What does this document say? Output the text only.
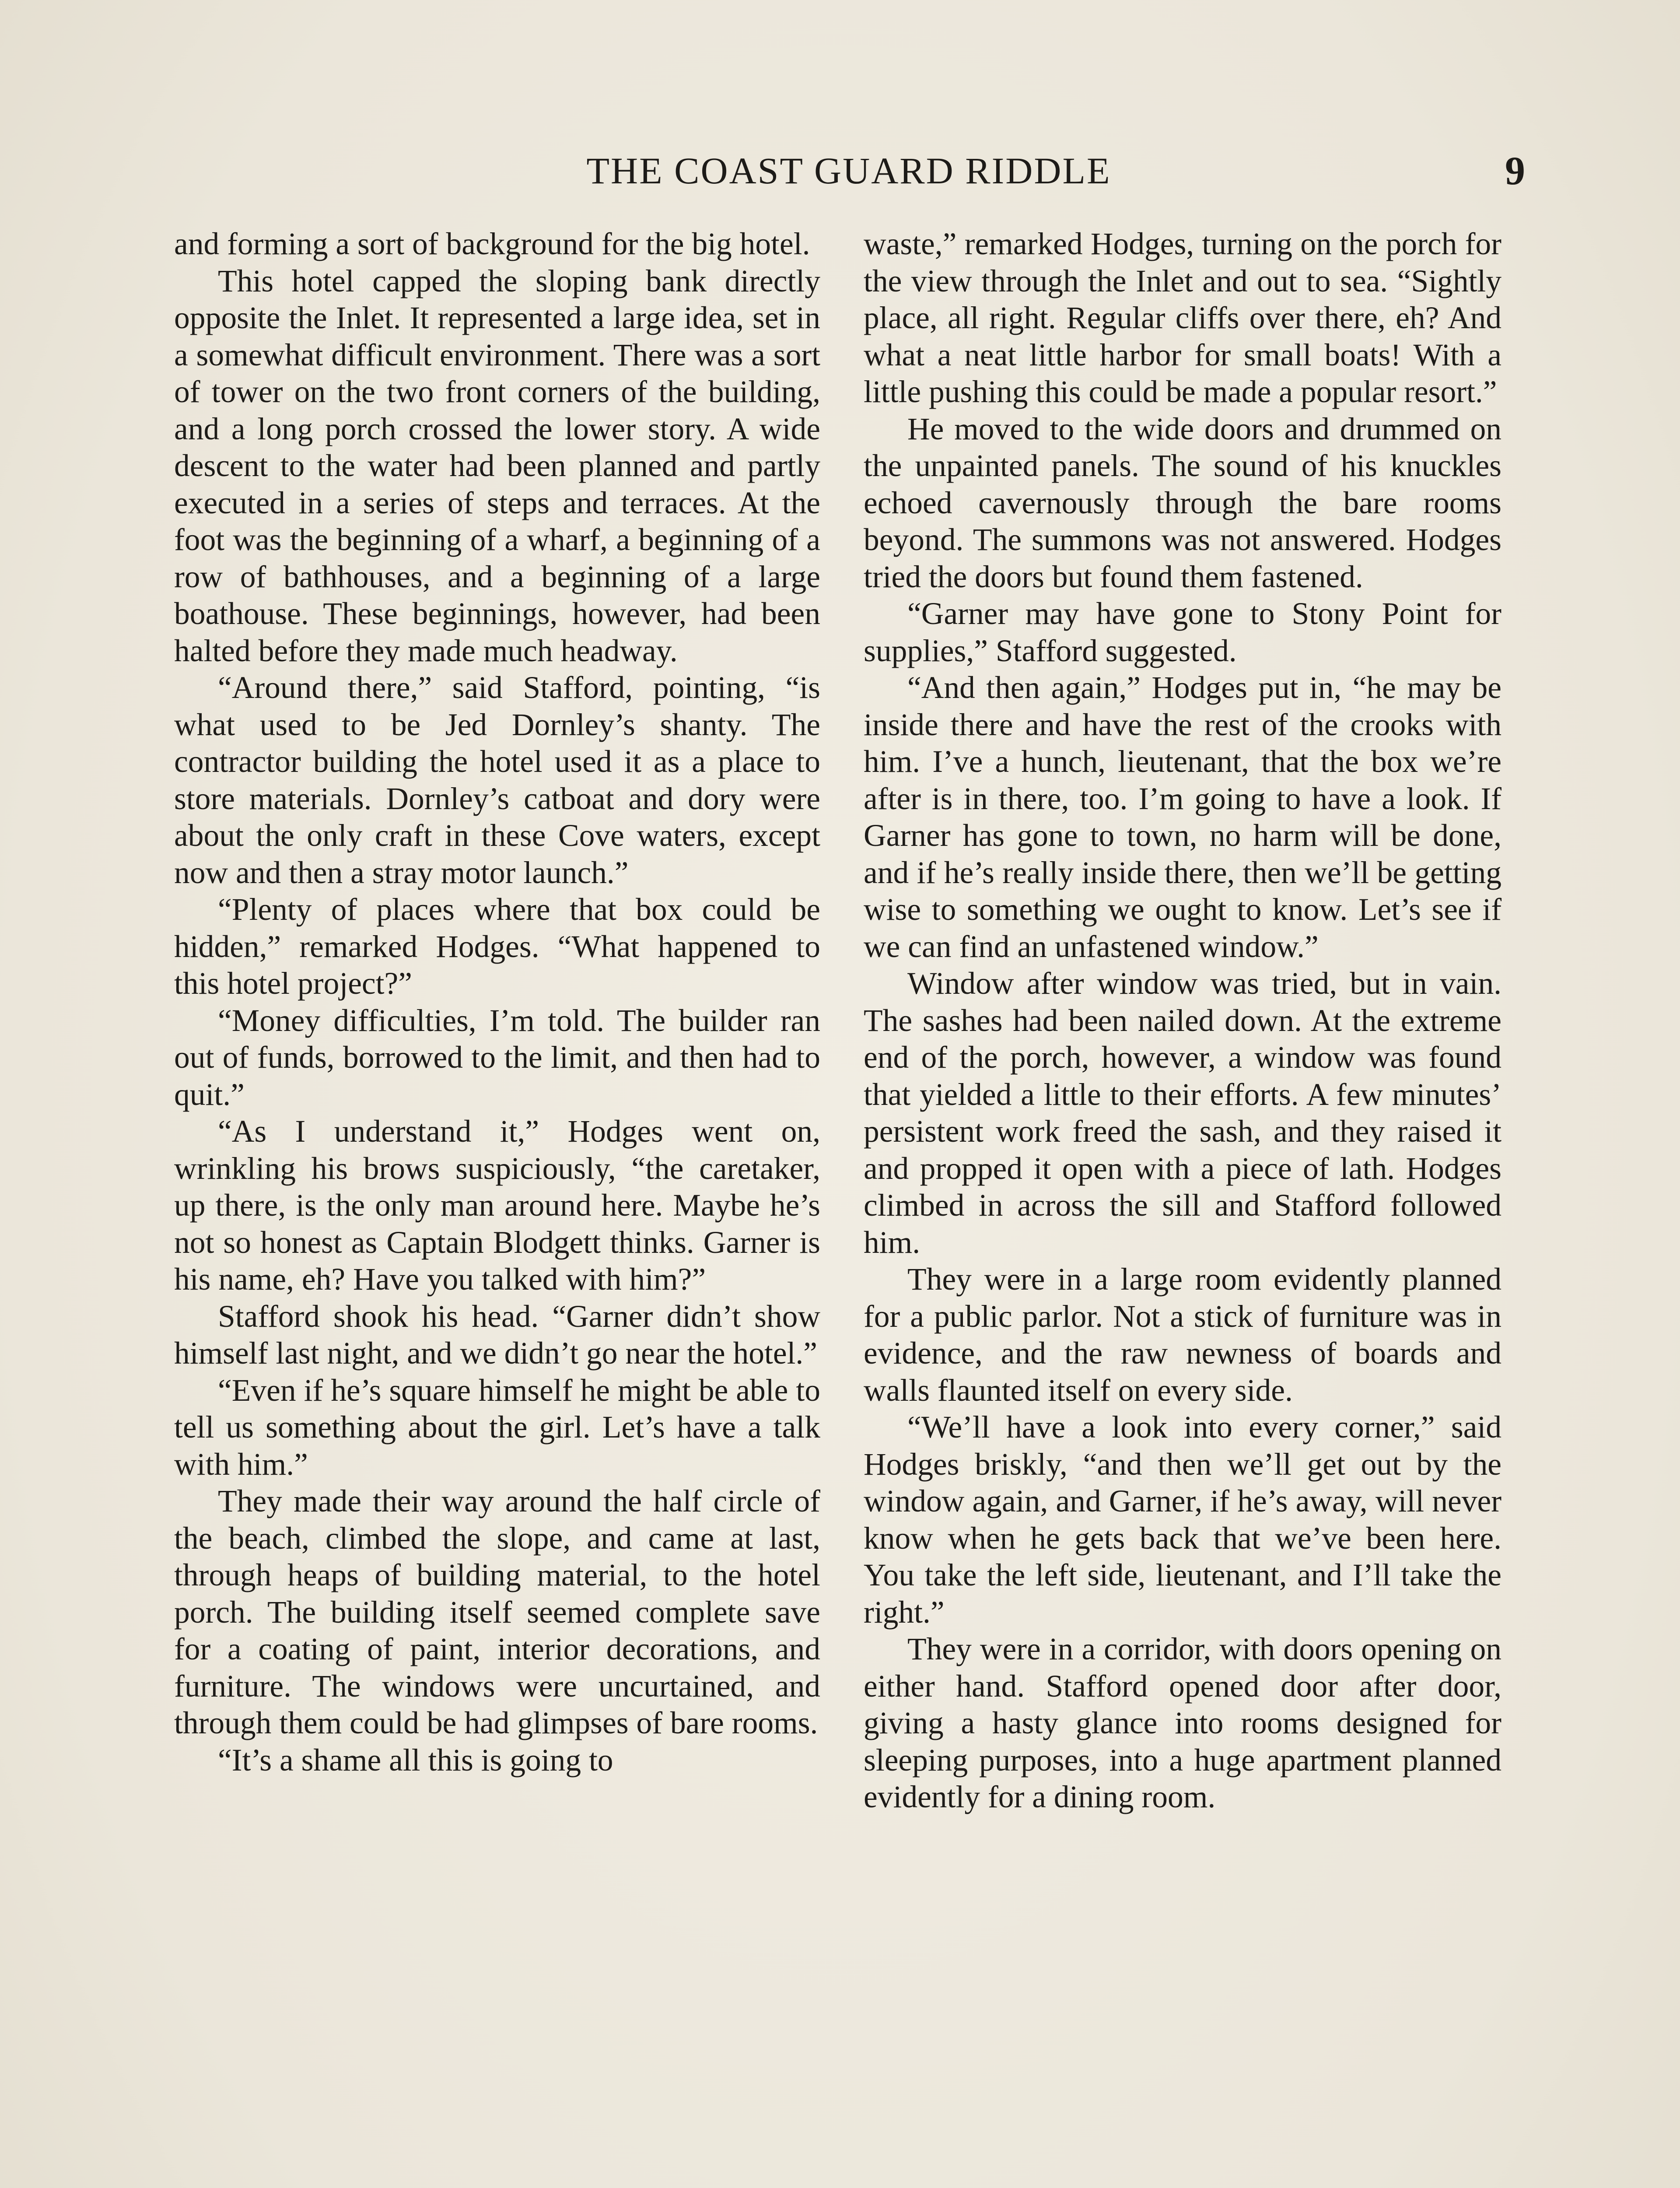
THE COAST GUARD RIDDLE	9

and forming a sort of background for the big hotel.

This hotel capped the sloping bank directly opposite the Inlet. It represented a large idea, set in a somewhat difficult environment. There was a sort of tower on the two front corners of the building, and a long porch crossed the lower story. A wide descent to the water had been planned and partly executed in a series of steps and terraces. At the foot was the beginning of a wharf, a beginning of a row of bathhouses, and a beginning of a large boathouse. These beginnings, however, had been halted before they made much headway.

“Around there,” said Stafford, pointing, “is what used to be Jed Dornley’s shanty. The contractor building the hotel used it as a place to store materials. Dornley’s catboat and dory were about the only craft in these Cove waters, except now and then a stray motor launch.”

“Plenty of places where that box could be hidden,” remarked Hodges. “What happened to this hotel project?”

“Money difficulties, I’m told. The builder ran out of funds, borrowed to the limit, and then had to quit.”

“As I understand it,” Hodges went on, wrinkling his brows suspiciously, “the caretaker, up there, is the only man around here. Maybe he’s not so honest as Captain Blodgett thinks. Garner is his name, eh? Have you talked with him?”

Stafford shook his head. “Garner didn’t show himself last night, and we didn’t go near the hotel.”

“Even if he’s square himself he might be able to tell us something about the girl. Let’s have a talk with him.”

They made their way around the half circle of the beach, climbed the slope, and came at last, through heaps of building material, to the hotel porch. The building itself seemed complete save for a coating of paint, interior decorations, and furniture. The windows were uncurtained, and through them could be had glimpses of bare rooms.

“It’s a shame all this is going to

waste,” remarked Hodges, turning on the porch for the view through the Inlet and out to sea. “Sightly place, all right. Regular cliffs over there, eh? And what a neat little harbor for small boats! With a little pushing this could be made a popular resort.”

He moved to the wide doors and drummed on the unpainted panels. The sound of his knuckles echoed cavernously through the bare rooms beyond. The summons was not answered. Hodges tried the doors but found them fastened.

“Garner may have gone to Stony Point for supplies,” Stafford suggested.

“And then again,” Hodges put in, “he may be inside there and have the rest of the crooks with him. I’ve a hunch, lieutenant, that the box we’re after is in there, too. I’m going to have a look. If Garner has gone to town, no harm will be done, and if he’s really inside there, then we’ll be getting wise to something we ought to know. Let’s see if we can find an unfastened window.”

Window after window was tried, but in vain. The sashes had been nailed down. At the extreme end of the porch, however, a window was found that yielded a little to their efforts. A few minutes’ persistent work freed the sash, and they raised it and propped it open with a piece of lath. Hodges climbed in across the sill and Stafford followed him.

They were in a large room evidently planned for a public parlor. Not a stick of furniture was in evidence, and the raw newness of boards and walls flaunted itself on every side.

“We’ll have a look into every corner,” said Hodges briskly, “and then we’ll get out by the window again, and Garner, if he’s away, will never know when he gets back that we’ve been here. You take the left side, lieutenant, and I’ll take the right.”

They were in a corridor, with doors opening on either hand. Stafford opened door after door, giving a hasty glance into rooms designed for sleeping purposes, into a huge apartment planned evidently for a dining room.
